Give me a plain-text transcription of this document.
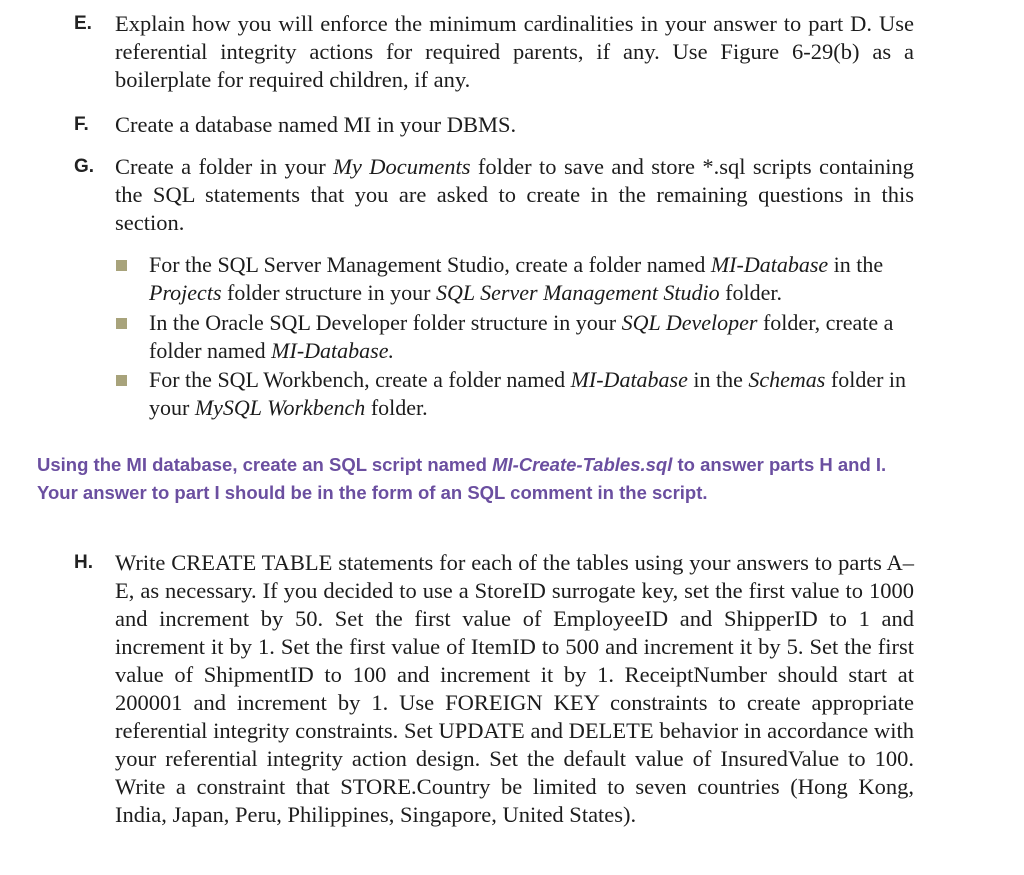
E. Explain how you will enforce the minimum cardinalities in your answer to part D. Use referential integrity actions for required parents, if any. Use Figure 6-29(b) as a boilerplate for required children, if any.
F. Create a database named MI in your DBMS.
G. Create a folder in your My Documents folder to save and store *.sql scripts containing the SQL statements that you are asked to create in the remaining questions in this section.
For the SQL Server Management Studio, create a folder named MI-Database in the Projects folder structure in your SQL Server Management Studio folder.
In the Oracle SQL Developer folder structure in your SQL Developer folder, create a folder named MI-Database.
For the SQL Workbench, create a folder named MI-Database in the Schemas folder in your MySQL Workbench folder.
Using the MI database, create an SQL script named MI-Create-Tables.sql to answer parts H and I. Your answer to part I should be in the form of an SQL comment in the script.
H. Write CREATE TABLE statements for each of the tables using your answers to parts A–E, as necessary. If you decided to use a StoreID surrogate key, set the first value to 1000 and increment by 50. Set the first value of EmployeeID and ShipperID to 1 and increment it by 1. Set the first value of ItemID to 500 and increment it by 5. Set the first value of ShipmentID to 100 and increment it by 1. ReceiptNumber should start at 200001 and increment by 1. Use FOREIGN KEY constraints to create appropriate referential integrity constraints. Set UPDATE and DELETE behavior in accordance with your referential integrity action design. Set the default value of InsuredValue to 100. Write a constraint that STORE.Country be limited to seven countries (Hong Kong, India, Japan, Peru, Philippines, Singapore, United States).
